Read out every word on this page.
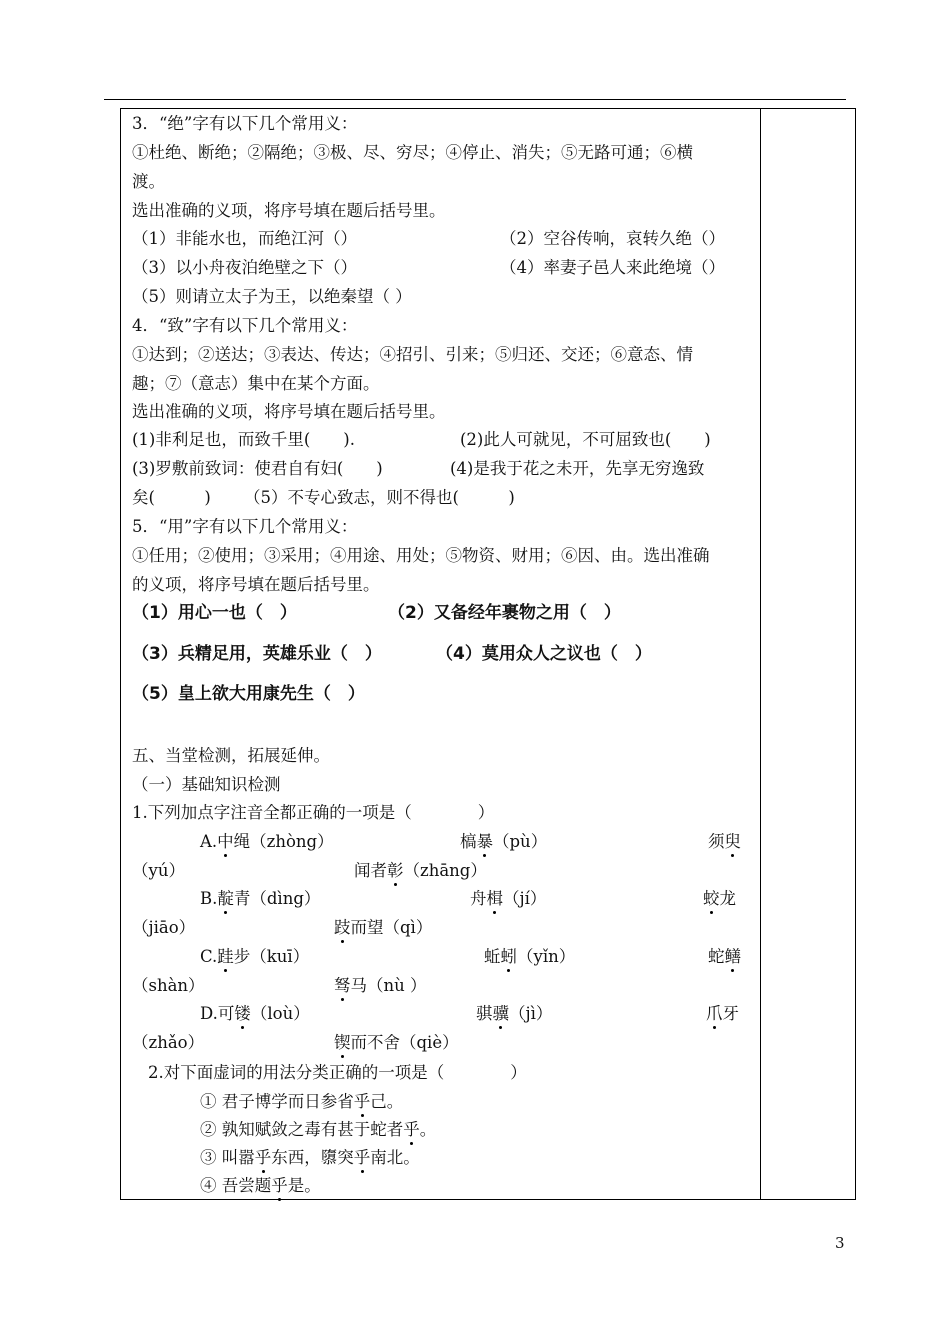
3．“绝”字有以下几个常用义：
①杜绝、断绝；②隔绝；③极、尽、穷尽；④停止、消失；⑤无路可通；⑥横
渡。
选出准确的义项，将序号填在题后括号里。
（1）非能水也，而绝江河（）	（2）空谷传响，哀转久绝（）
（3）以小舟夜泊绝壁之下（）	（4）率妻子邑人来此绝境（）
（5）则请立太子为王，以绝秦望（ ）
4．“致”字有以下几个常用义：
①达到；②送达；③表达、传达；④招引、引来；⑤归还、交还；⑥意态、情
趣；⑦（意志）集中在某个方面。
选出准确的义项，将序号填在题后括号里。
(1)非利足也，而致千里(　　).	(2)此人可就见，不可屈致也(　　)
(3)罗敷前致词：使君自有妇(　　)	(4)是我于花之未开，先享无穷逸致
矣(　　　) （5）不专心致志，则不得也(　　　)
5．“用”字有以下几个常用义：
①任用；②使用；③采用；④用途、用处；⑤物资、财用；⑥因、由。选出准确
的义项，将序号填在题后括号里。
（1）用心一也（　）	（2）又备经年裹物之用（　）
（3）兵精足用，英雄乐业（　）	（4）莫用众人之议也（　）
（5）皇上欲大用康先生（　）
五、当堂检测，拓展延伸。
（一）基础知识检测
1.下列加点字注音全都正确的一项是（　　　　）
A.中绳（zhòng）	槁暴（pù）	须臾
（yú）	闻者彰（zhāng）
B.靛青（dìng）	舟楫（jí）	蛟龙
（jiāo）	跂而望（qì）
C.跬步（kuī）	蚯蚓（yǐn）	蛇鳝
（shàn）	驽马（nù ）
D.可镂（loù）	骐骥（jì）	爪牙
（zhǎo）	锲而不舍（qiè）
2.对下面虚词的用法分类正确的一项是（　　　　）
① 君子博学而日参省乎己。
② 孰知赋敛之毒有甚于蛇者乎。
③ 叫嚣乎东西，隳突乎南北。
④ 吾尝题乎是。
3
